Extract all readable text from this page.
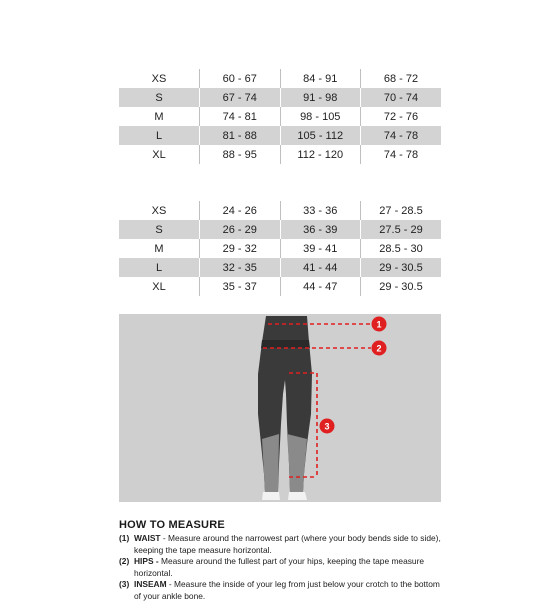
WOMEN'S BOTTOMS
SIZE	WAIST CM	HIPS CM	INSEAM CM
XS	60 - 67	84 - 91	68 - 72
S	67 - 74	91 - 98	70 - 74
M	74 - 81	98 - 105	72 - 76
L	81 - 88	105 - 112	74 - 78
XL	88 - 95	112 - 120	74 - 78
SIZE	WAIST INCH	HIPS INCH	INSEAM INCH
XS	24 - 26	33 - 36	27 - 28.5
S	26 - 29	36 - 39	27.5 - 29
M	29 - 32	39 - 41	28.5 - 30
L	32 - 35	41 - 44	29 - 30.5
XL	35 - 37	44 - 47	29 - 30.5
1
2
3
HOW TO MEASURE
(1) WAIST - Measure around the narrowest part (where your body bends side to side), keeping the tape measure horizontal.
(2) HIPS - Measure around the fullest part of your hips, keeping the tape measure horizontal.
(3) INSEAM - Measure the inside of your leg from just below your crotch to the bottom of your ankle bone.
